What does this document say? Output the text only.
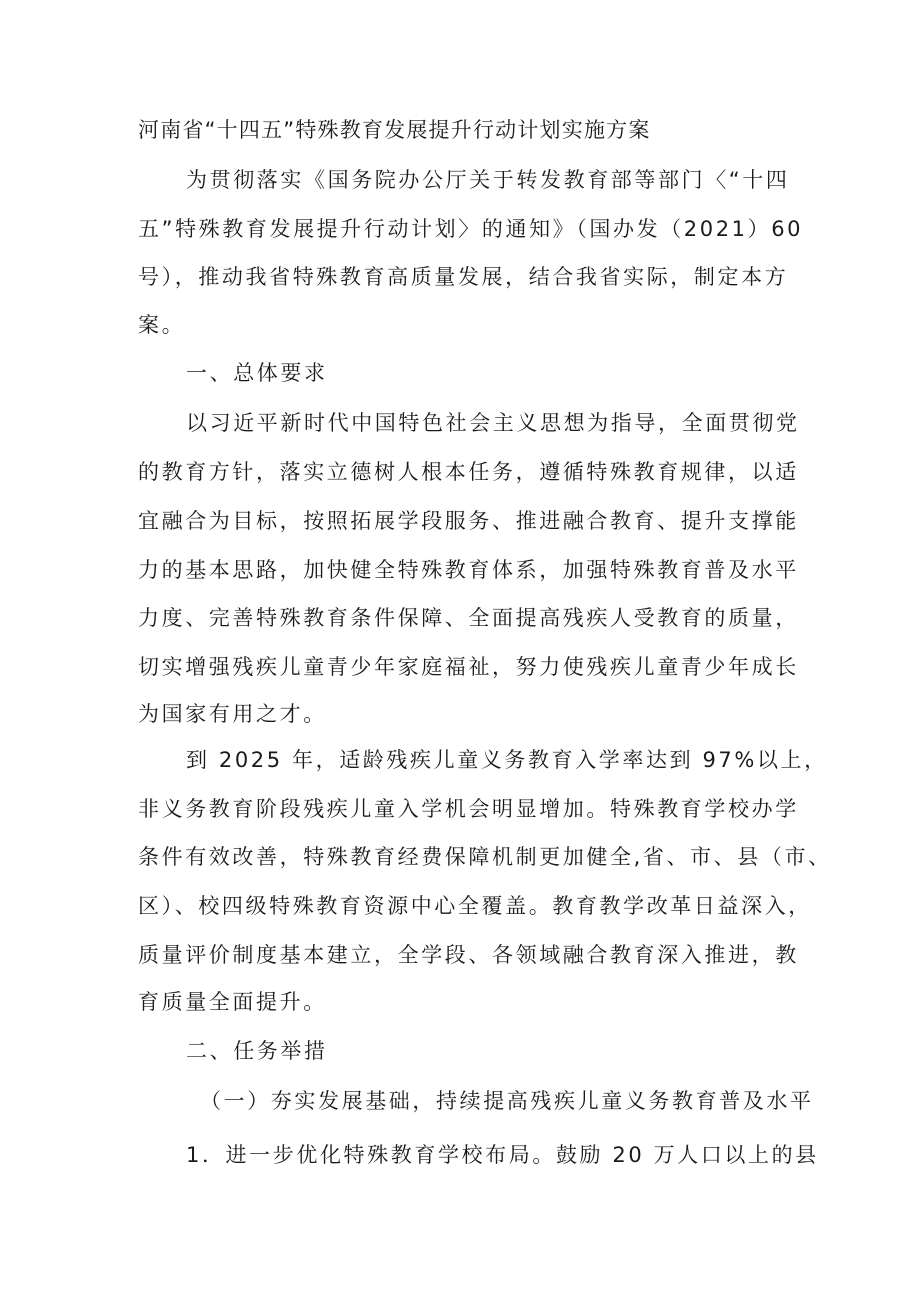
河南省“十四五”特殊教育发展提升行动计划实施方案
为贯彻落实《国务院办公厅关于转发教育部等部门〈“十四
五”特殊教育发展提升行动计划〉的通知》（国办发（2021）60
号），推动我省特殊教育高质量发展，结合我省实际，制定本方
案。
一、总体要求
以习近平新时代中国特色社会主义思想为指导，全面贯彻党
的教育方针，落实立德树人根本任务，遵循特殊教育规律，以适
宜融合为目标，按照拓展学段服务、推进融合教育、提升支撑能
力的基本思路，加快健全特殊教育体系，加强特殊教育普及水平
力度、完善特殊教育条件保障、全面提高残疾人受教育的质量，
切实增强残疾儿童青少年家庭福祉，努力使残疾儿童青少年成长
为国家有用之才。
到 2025 年，适龄残疾儿童义务教育入学率达到 97%以上，
非义务教育阶段残疾儿童入学机会明显增加。特殊教育学校办学
条件有效改善，特殊教育经费保障机制更加健全,省、市、县（市、
区）、校四级特殊教育资源中心全覆盖。教育教学改革日益深入，
质量评价制度基本建立，全学段、各领域融合教育深入推进，教
育质量全面提升。
二、任务举措
（一）夯实发展基础，持续提高残疾儿童义务教育普及水平
1．进一步优化特殊教育学校布局。鼓励 20 万人口以上的县
